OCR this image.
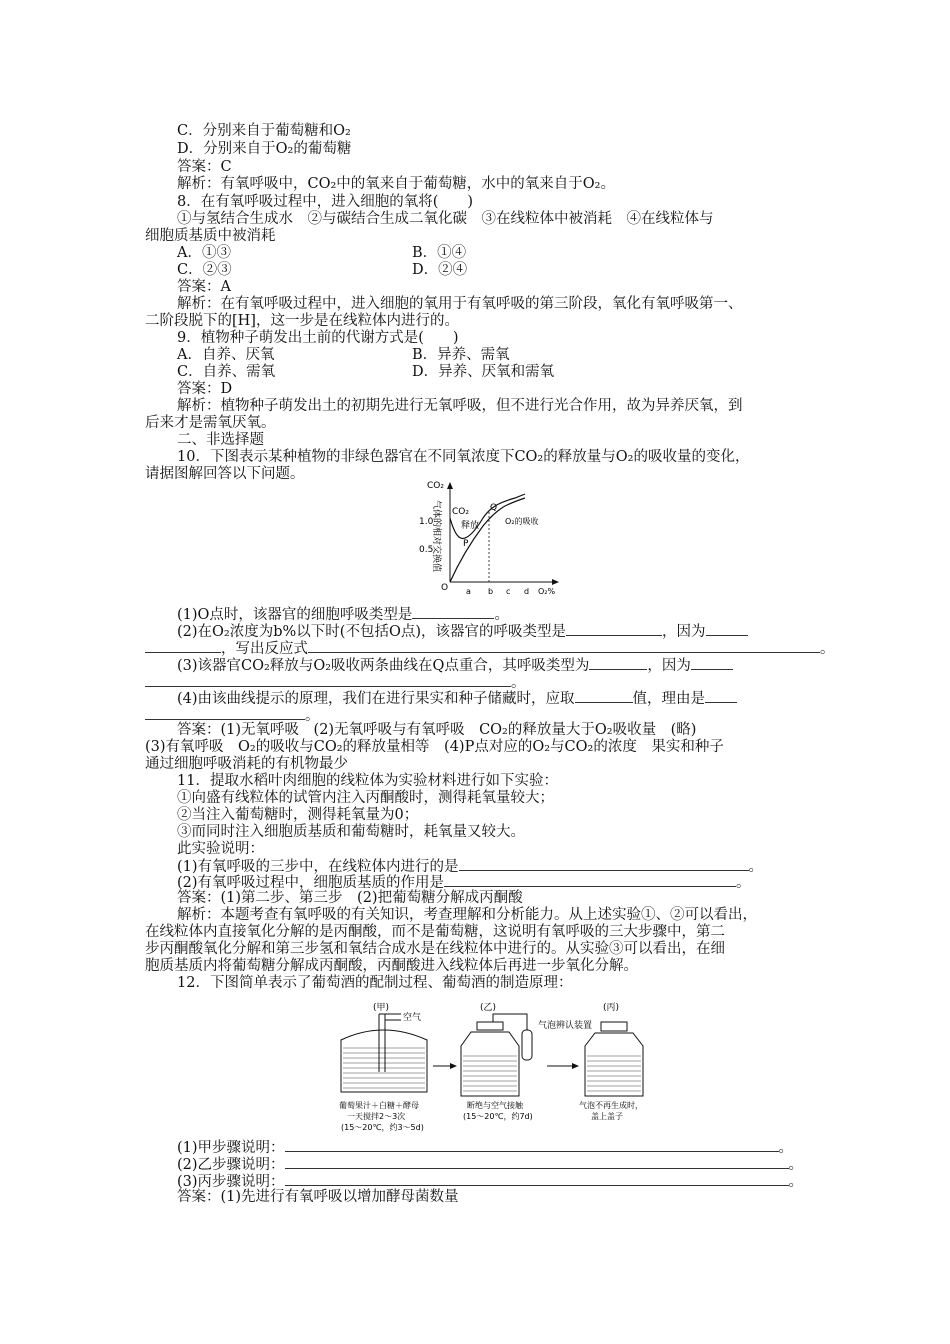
C．分别来自于葡萄糖和O₂
D．分别来自于O₂的葡萄糖
答案：C
解析：有氧呼吸中，CO₂中的氧来自于葡萄糖，水中的氧来自于O₂。
8．在有氧呼吸过程中，进入细胞的氧将(　　)
①与氢结合生成水　②与碳结合生成二氧化碳　③在线粒体中被消耗　④在线粒体与
细胞质基质中被消耗
A．①③	B．①④
C．②③	D．②④
答案：A
解析：在有氧呼吸过程中，进入细胞的氧用于有氧呼吸的第三阶段，氧化有氧呼吸第一、
二阶段脱下的[H]，这一步是在线粒体内进行的。
9．植物种子萌发出土前的代谢方式是(　　)
A．自养、厌氧	B．异养、需氧
C．自养、需氧	D．异养、厌氧和需氧
答案：D
解析：植物种子萌发出土的初期先进行无氧呼吸，但不进行光合作用，故为异养厌氧，到
后来才是需氧厌氧。
二、非选择题
10．下图表示某种植物的非绿色器官在不同氧浓度下CO₂的释放量与O₂的吸收量的变化，
请据图解回答以下问题。
CO₂
1.0
0.5
O a b c d O₂%
气体的相对交换值 CO₂
释放
P
Q
O₂的吸收
(1)O点时，该器官的细胞呼吸类型是	。
(2)在O₂浓度为b%以下时(不包括O点)，该器官的呼吸类型是	，因为
，写出反应式	。
(3)该器官CO₂释放与O₂吸收两条曲线在Q点重合，其呼吸类型为	，因为
。
(4)由该曲线提示的原理，我们在进行果实和种子储藏时，应取	值，理由是
。
答案：(1)无氧呼吸　(2)无氧呼吸与有氧呼吸　CO₂的释放量大于O₂吸收量　(略)
(3)有氧呼吸　O₂的吸收与CO₂的释放量相等　(4)P点对应的O₂与CO₂的浓度　果实和种子
通过细胞呼吸消耗的有机物最少
11．提取水稻叶肉细胞的线粒体为实验材料进行如下实验：
①向盛有线粒体的试管内注入丙酮酸时，测得耗氧量较大；
②当注入葡萄糖时，测得耗氧量为0；
③而同时注入细胞质基质和葡萄糖时，耗氧量又较大。
此实验说明：
(1)有氧呼吸的三步中，在线粒体内进行的是	。
(2)有氧呼吸过程中，细胞质基质的作用是	。
答案：(1)第二步、第三步　(2)把葡萄糖分解成丙酮酸
解析：本题考查有氧呼吸的有关知识，考查理解和分析能力。从上述实验①、②可以看出，
在线粒体内直接氧化分解的是丙酮酸，而不是葡萄糖，这说明有氧呼吸的三大步骤中，第二
步丙酮酸氧化分解和第三步氢和氧结合成水是在线粒体中进行的。从实验③可以看出，在细
胞质基质内将葡萄糖分解成丙酮酸，丙酮酸进入线粒体后再进一步氧化分解。
12．下图简单表示了葡萄酒的配制过程、葡萄酒的制造原理：
(甲)	(乙)	(丙)
空气
气泡辨认装置
葡萄果汁＋白糖＋酵母
一天搅拌2～3次
(15～20℃，约3～5d)
断绝与空气接触
(15～20℃，约7d)
气泡不再生成时，
盖上盖子
(1)甲步骤说明：	。
(2)乙步骤说明：	。
(3)丙步骤说明：	。
答案：(1)先进行有氧呼吸以增加酵母菌数量
